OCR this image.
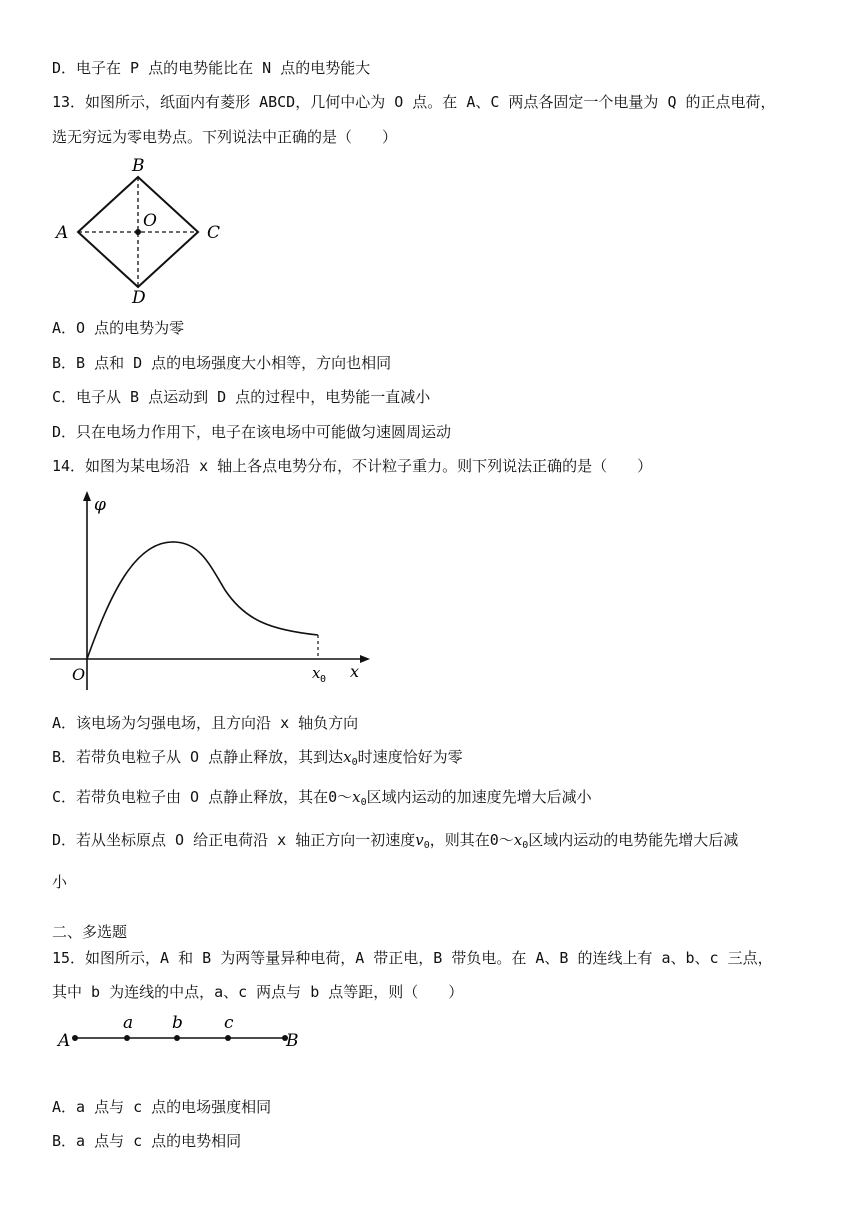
D．电子在 P 点的电势能比在 N 点的电势能大
13．如图所示，纸面内有菱形 ABCD，几何中心为 O 点。在 A、C 两点各固定一个电量为 Q 的正点电荷，
选无穷远为零电势点。下列说法中正确的是（　　）
B
A	C
D
O
A．O 点的电势为零
B．B 点和 D 点的电场强度大小相等，方向也相同
C．电子从 B 点运动到 D 点的过程中，电势能一直减小
D．只在电场力作用下，电子在该电场中可能做匀速圆周运动
14．如图为某电场沿 x 轴上各点电势分布，不计粒子重力。则下列说法正确的是（　　）
φ
O	x
x 0
A．该电场为匀强电场，且方向沿 x 轴负方向
B．若带负电粒子从 O 点静止释放，其到达$x_0$时速度恰好为零
C．若带负电粒子由 O 点静止释放，其在$0\sim x_0$区域内运动的加速度先增大后减小
D．若从坐标原点 O 给正电荷沿 x 轴正方向一初速度$v_0$，则其在$0\sim x_0$区域内运动的电势能先增大后减
小
二、多选题
15．如图所示，A 和 B 为两等量异种电荷，A 带正电，B 带负电。在 A、B 的连线上有 a、b、c 三点，
其中 b 为连线的中点，a、c 两点与 b 点等距，则（　　）
A
a b c
B
A．a 点与 c 点的电场强度相同
B．a 点与 c 点的电势相同
